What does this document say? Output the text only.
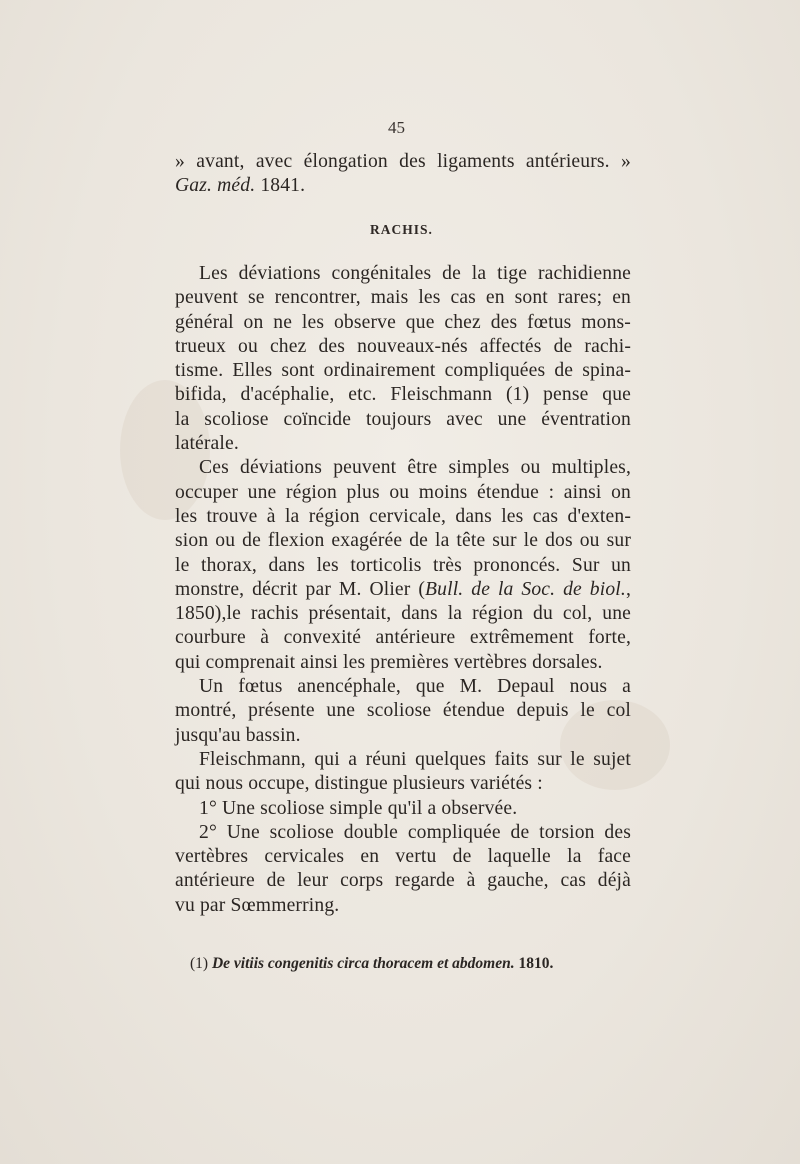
45
» avant, avec élongation des ligaments antérieurs. »
Gaz. méd. 1841.
RACHIS.
Les déviations congénitales de la tige rachidienne
peuvent se rencontrer, mais les cas en sont rares; en
général on ne les observe que chez des fœtus mons-
trueux ou chez des nouveaux-nés affectés de rachi-
tisme. Elles sont ordinairement compliquées de spina-
bifida, d'acéphalie, etc. Fleischmann (1) pense que
la scoliose coïncide toujours avec une éventration
latérale.
Ces déviations peuvent être simples ou multiples,
occuper une région plus ou moins étendue : ainsi on
les trouve à la région cervicale, dans les cas d'exten-
sion ou de flexion exagérée de la tête sur le dos ou sur
le thorax, dans les torticolis très prononcés. Sur un
monstre, décrit par M. Olier (Bull. de la Soc. de biol.,
1850),le rachis présentait, dans la région du col, une
courbure à convexité antérieure extrêmement forte,
qui comprenait ainsi les premières vertèbres dorsales.
Un fœtus anencéphale, que M. Depaul nous a
montré, présente une scoliose étendue depuis le col
jusqu'au bassin.
Fleischmann, qui a réuni quelques faits sur le sujet
qui nous occupe, distingue plusieurs variétés :
1° Une scoliose simple qu'il a observée.
2° Une scoliose double compliquée de torsion des
vertèbres cervicales en vertu de laquelle la face
antérieure de leur corps regarde à gauche, cas déjà
vu par Sœmmerring.
(1) De vitiis congenitis circa thoracem et abdomen. 1810.
